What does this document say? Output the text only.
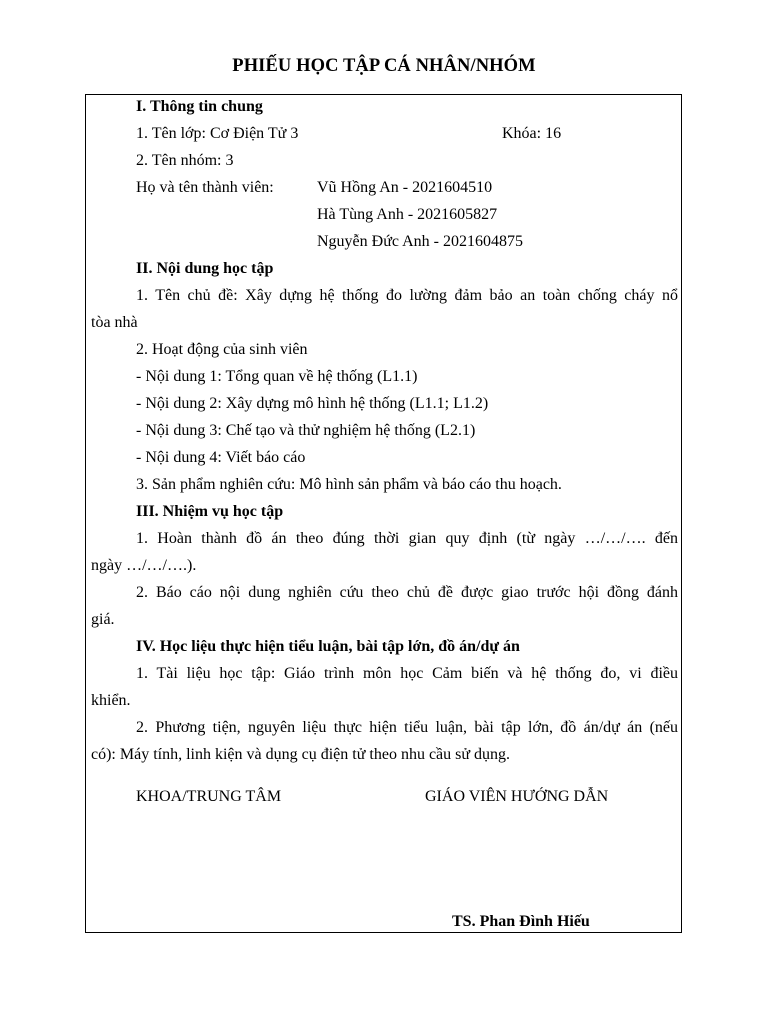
PHIẾU HỌC TẬP CÁ NHÂN/NHÓM
I. Thông tin chung
1. Tên lớp: Cơ Điện Tử 3	Khóa: 16
2. Tên nhóm: 3
Họ và tên thành viên:	Vũ Hồng An - 2021604510
Hà Tùng Anh - 2021605827
Nguyễn Đức Anh - 2021604875
II. Nội dung học tập
1. Tên chủ đề: Xây dựng hệ thống đo lường đảm bảo an toàn chống cháy nổ
tòa nhà
2. Hoạt động của sinh viên
- Nội dung 1: Tổng quan về hệ thống (L1.1)
- Nội dung 2: Xây dựng mô hình hệ thống (L1.1; L1.2)
- Nội dung 3: Chế tạo và thử nghiệm hệ thống (L2.1)
- Nội dung 4: Viết báo cáo
3. Sản phẩm nghiên cứu: Mô hình sản phẩm và báo cáo thu hoạch.
III. Nhiệm vụ học tập
1. Hoàn thành đồ án theo đúng thời gian quy định (từ ngày …/…/…. đến
ngày …/…/….).
2. Báo cáo nội dung nghiên cứu theo chủ đề được giao trước hội đồng đánh
giá.
IV. Học liệu thực hiện tiểu luận, bài tập lớn, đồ án/dự án
1. Tài liệu học tập: Giáo trình môn học Cảm biến và hệ thống đo, vi điều
khiển.
2. Phương tiện, nguyên liệu thực hiện tiểu luận, bài tập lớn, đồ án/dự án (nếu
có): Máy tính, linh kiện và dụng cụ điện tử theo nhu cầu sử dụng.
KHOA/TRUNG TÂM	GIÁO VIÊN HƯỚNG DẪN
TS. Phan Đình Hiếu
